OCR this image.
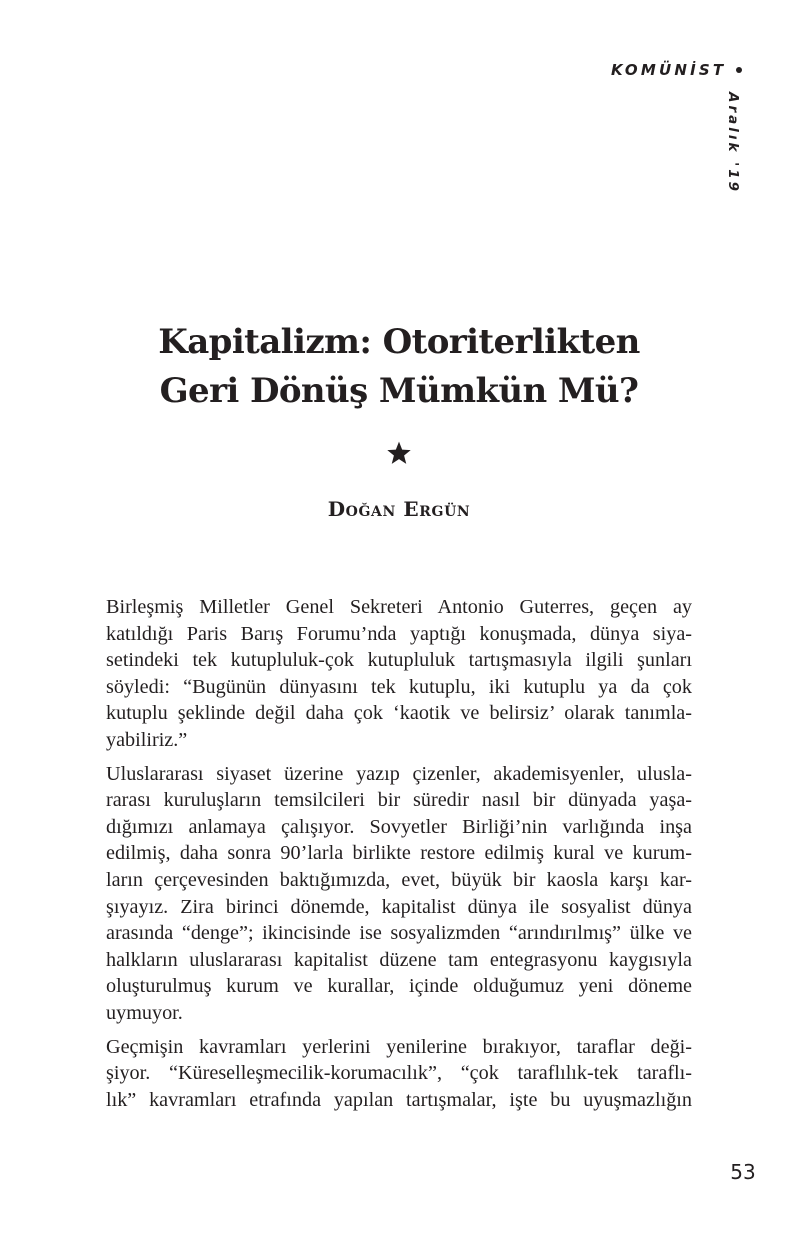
KOMÜNİST
Aralık '19
Kapitalizm: Otoriterlikten
Geri Dönüş Mümkün Mü?
Doğan Ergün

Birleşmiş Milletler Genel Sekreteri Antonio Guterres, geçen ay
katıldığı Paris Barış Forumu’nda yaptığı konuşmada, dünya siya-
setindeki tek kutupluluk-çok kutupluluk tartışmasıyla ilgili şunları
söyledi: “Bugünün dünyasını tek kutuplu, iki kutuplu ya da çok
kutuplu şeklinde değil daha çok ‘kaotik ve belirsiz’ olarak tanımla-
yabiliriz.”

Uluslararası siyaset üzerine yazıp çizenler, akademisyenler, ulusla-
rarası kuruluşların temsilcileri bir süredir nasıl bir dünyada yaşa-
dığımızı anlamaya çalışıyor. Sovyetler Birliği’nin varlığında inşa
edilmiş, daha sonra 90’larla birlikte restore edilmiş kural ve kurum-
ların çerçevesinden baktığımızda, evet, büyük bir kaosla karşı kar-
şıyayız. Zira birinci dönemde, kapitalist dünya ile sosyalist dünya
arasında “denge”; ikincisinde ise sosyalizmden “arındırılmış” ülke ve
halkların uluslararası kapitalist düzene tam entegrasyonu kaygısıyla
oluşturulmuş kurum ve kurallar, içinde olduğumuz yeni döneme
uymuyor.

Geçmişin kavramları yerlerini yenilerine bırakıyor, taraflar deği-
şiyor. “Küreselleşmecilik-korumacılık”, “çok taraflılık-tek taraflı-
lık” kavramları etrafında yapılan tartışmalar, işte bu uyuşmazlığın

53
